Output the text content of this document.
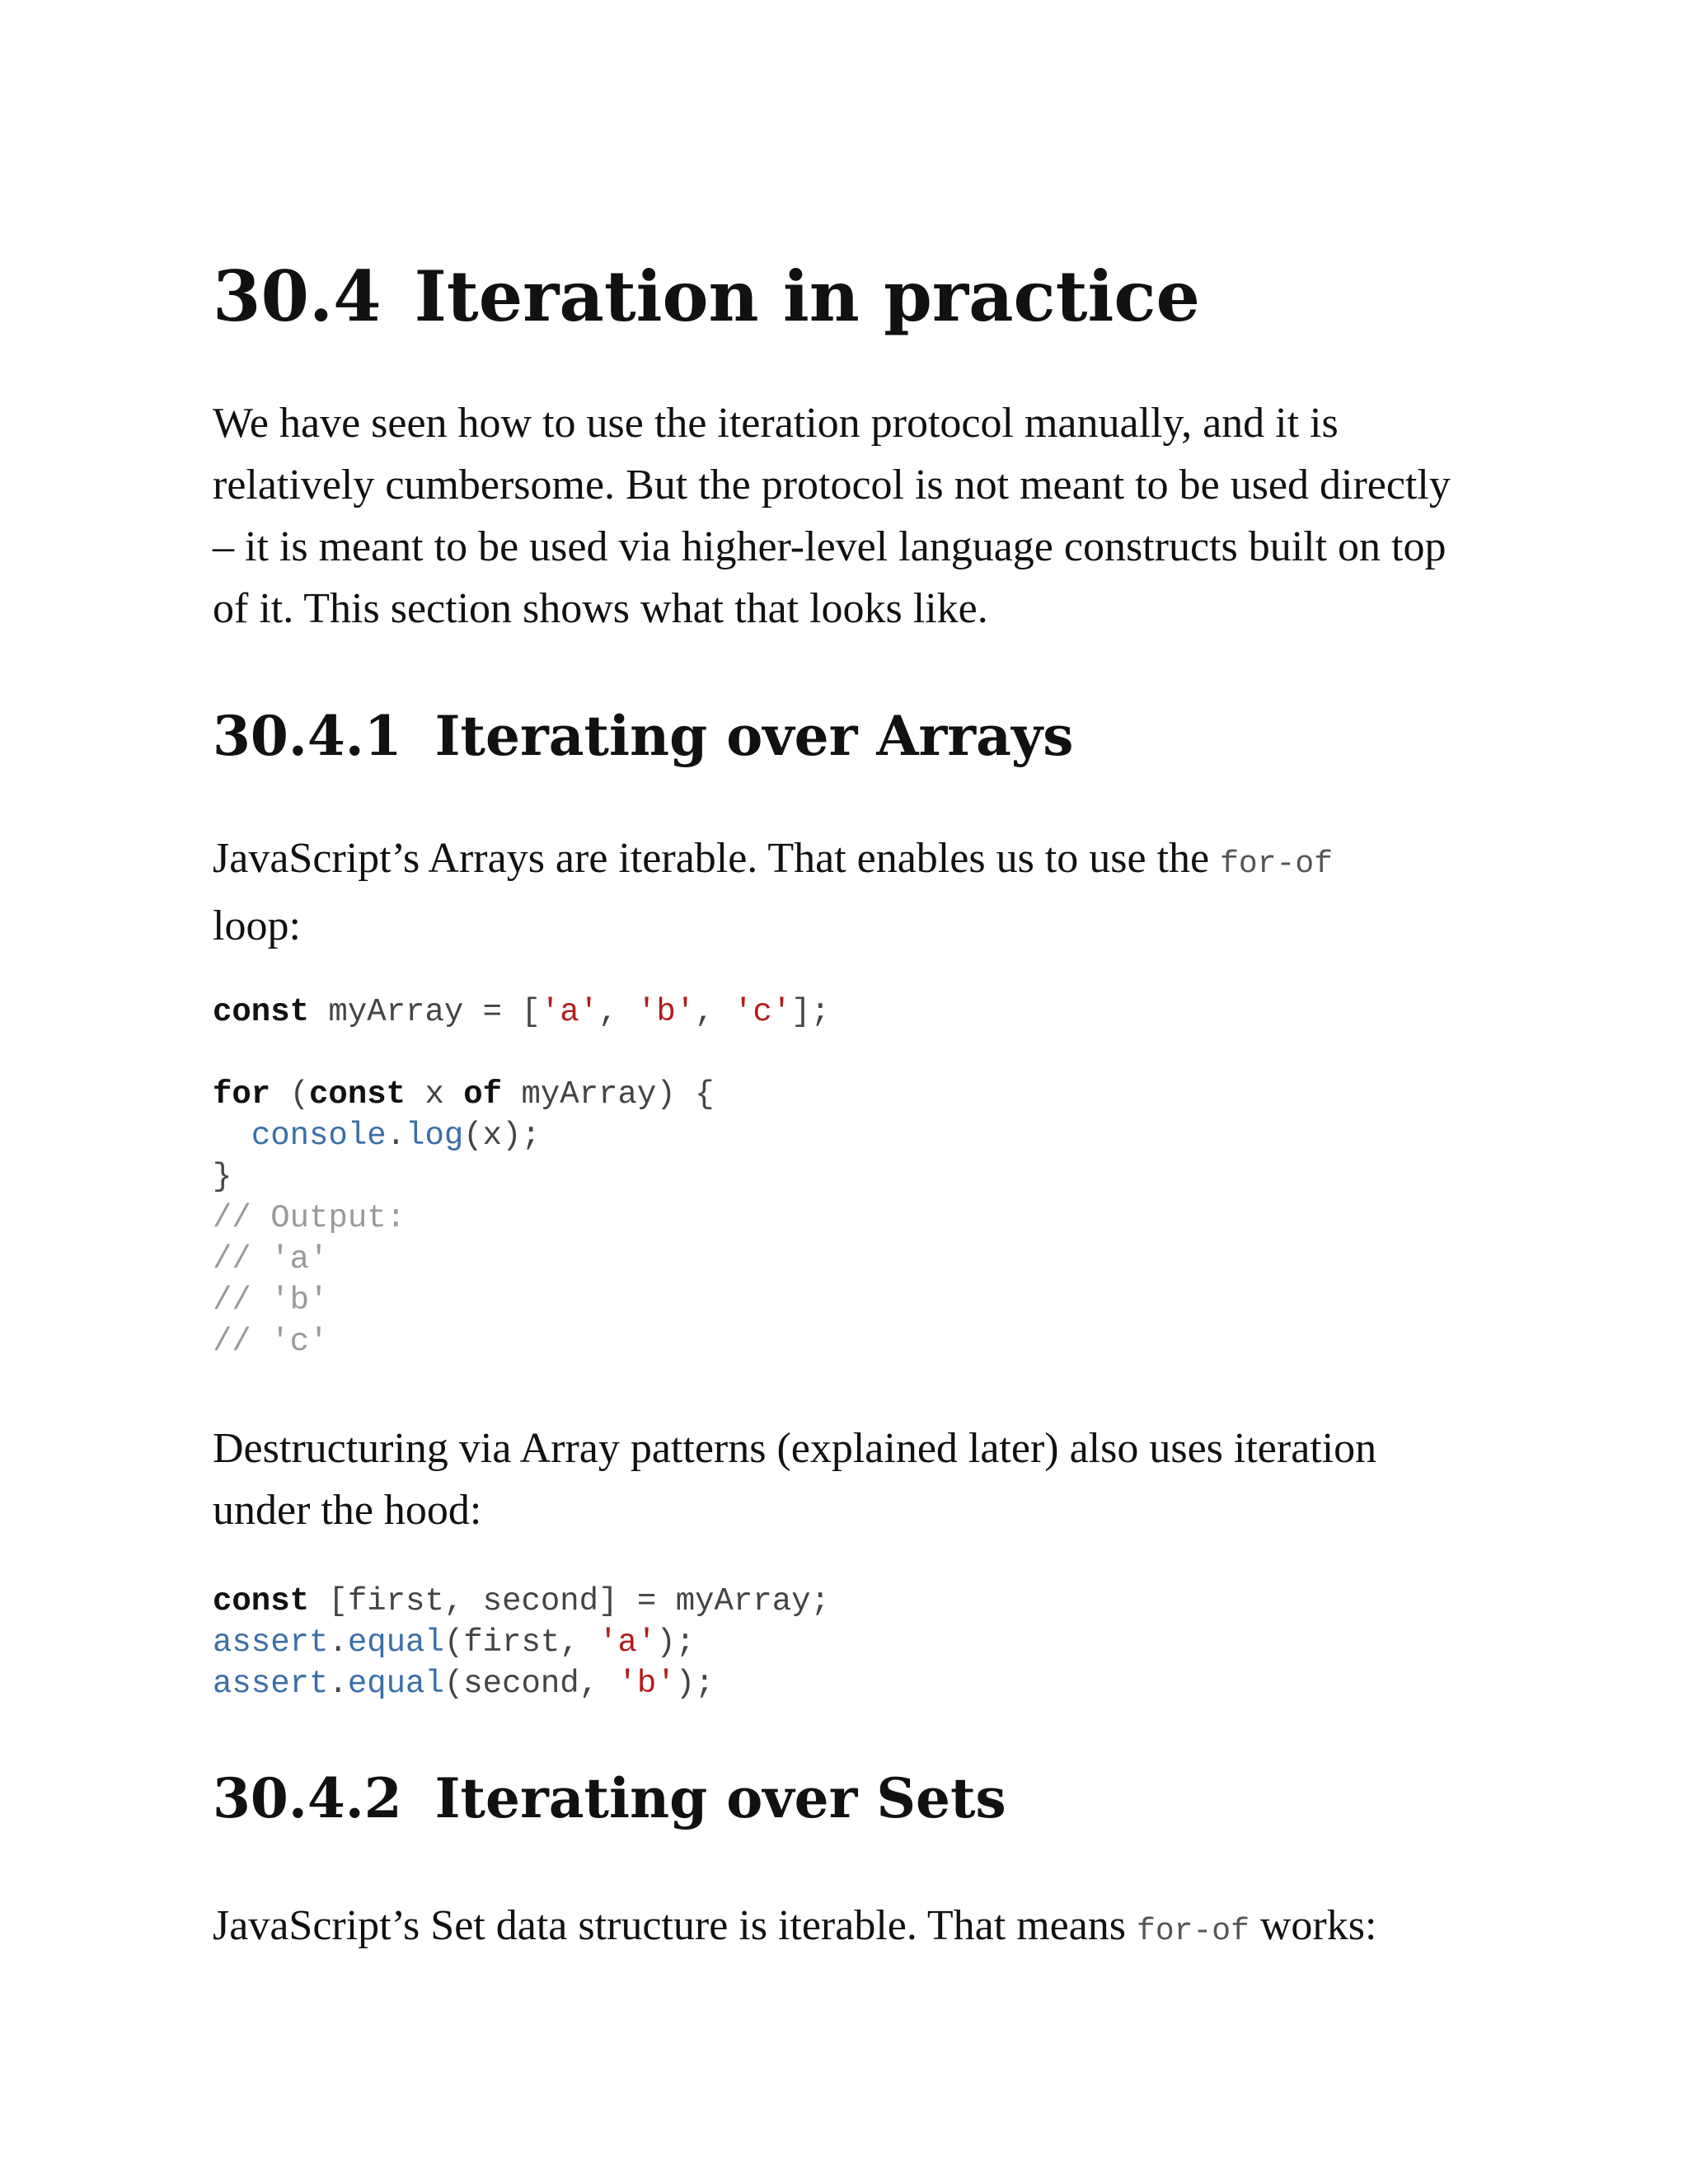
30.4 Iteration in practice

We have seen how to use the iteration protocol manually, and it is relatively cumbersome. But the protocol is not meant to be used directly – it is meant to be used via higher-level language constructs built on top of it. This section shows what that looks like.

30.4.1 Iterating over Arrays

JavaScript’s Arrays are iterable. That enables us to use the for-of
loop:

const myArray = ['a', 'b', 'c'];

for (const x of myArray) {
console.log(x);
}
// Output:
// 'a'
// 'b'
// 'c'

Destructuring via Array patterns (explained later) also uses iteration under the hood:

const [first, second] = myArray;
assert.equal(first, 'a');
assert.equal(second, 'b');
30.4.2 Iterating over Sets

JavaScript’s Set data structure is iterable. That means for-of works:
